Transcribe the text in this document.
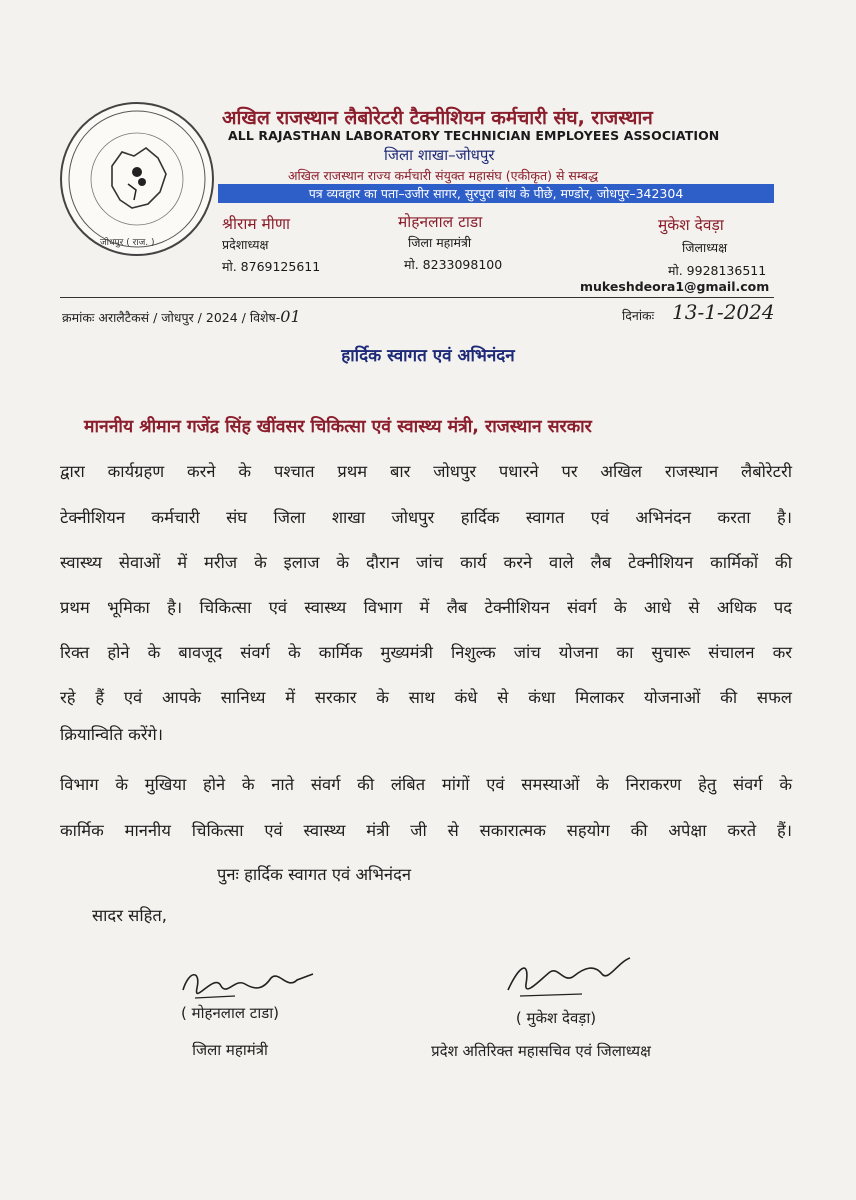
जोधपुर ( राज. )
अखिल राजस्थान लैबोरेटरी टैक्नीशियन कर्मचारी संघ, राजस्थान
ALL RAJASTHAN LABORATORY TECHNICIAN EMPLOYEES ASSOCIATION
जिला शाखा–जोधपुर
अखिल राजस्थान राज्य कर्मचारी संयुक्त महासंघ (एकीकृत) से सम्बद्ध
पत्र व्यवहार का पता–उजीर सागर, सुरपुरा बांध के पीछे, मण्डोर, जोधपुर–342304
श्रीराम मीणा
प्रदेशाध्यक्ष
मो. 8769125611
मोहनलाल टाडा
जिला महामंत्री
मो. 8233098100
मुकेश देवड़ा
जिलाध्यक्ष
मो. 9928136511
mukeshdeora1@gmail.com
क्रमांकः अरालैटैकसं / जोधपुर / 2024 / विशेष-01	दिनांकः 13-1-2024
हार्दिक स्वागत एवं अभिनंदन
माननीय श्रीमान गजेंद्र सिंह खींवसर चिकित्सा एवं स्वास्थ्य मंत्री, राजस्थान सरकार
द्वारा कार्यग्रहण करने के पश्चात प्रथम बार जोधपुर पधारने पर अखिल राजस्थान लैबोरेटरी
टेक्नीशियन कर्मचारी संघ जिला शाखा जोधपुर हार्दिक स्वागत एवं अभिनंदन करता है।
स्वास्थ्य सेवाओं में मरीज के इलाज के दौरान जांच कार्य करने वाले लैब टेक्नीशियन कार्मिकों की
प्रथम भूमिका है। चिकित्सा एवं स्वास्थ्य विभाग में लैब टेक्नीशियन संवर्ग के आधे से अधिक पद
रिक्त होने के बावजूद संवर्ग के कार्मिक मुख्यमंत्री निशुल्क जांच योजना का सुचारू संचालन कर
रहे हैं एवं आपके सानिध्य में सरकार के साथ कंधे से कंधा मिलाकर योजनाओं की सफल
क्रियान्विति करेंगे।
विभाग के मुखिया होने के नाते संवर्ग की लंबित मांगों एवं समस्याओं के निराकरण हेतु संवर्ग के
कार्मिक माननीय चिकित्सा एवं स्वास्थ्य मंत्री जी से सकारात्मक सहयोग की अपेक्षा करते हैं।
पुनः हार्दिक स्वागत एवं अभिनंदन
सादर सहित,
( मोहनलाल टाडा)
जिला महामंत्री
( मुकेश देवड़ा)
प्रदेश अतिरिक्त महासचिव एवं जिलाध्यक्ष
